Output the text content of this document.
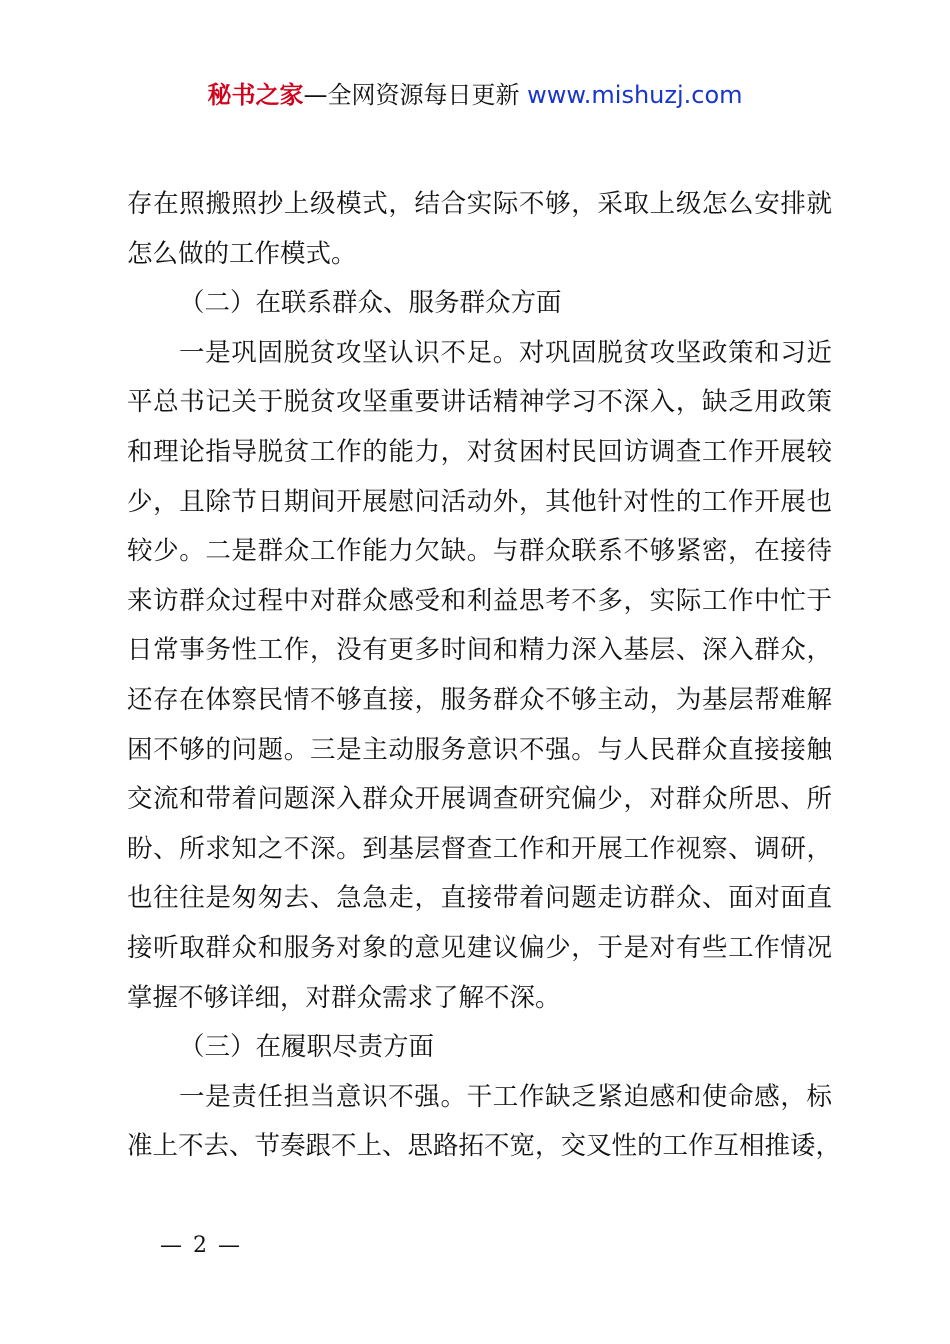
秘书之家—全网资源每日更新 www.mishuzj.com
存在照搬照抄上级模式，结合实际不够，采取上级怎么安排就
怎么做的工作模式。
（二）在联系群众、服务群众方面
一是巩固脱贫攻坚认识不足。对巩固脱贫攻坚政策和习近
平总书记关于脱贫攻坚重要讲话精神学习不深入，缺乏用政策
和理论指导脱贫工作的能力，对贫困村民回访调查工作开展较
少，且除节日期间开展慰问活动外，其他针对性的工作开展也
较少。二是群众工作能力欠缺。与群众联系不够紧密，在接待
来访群众过程中对群众感受和利益思考不多，实际工作中忙于
日常事务性工作，没有更多时间和精力深入基层、深入群众，
还存在体察民情不够直接，服务群众不够主动，为基层帮难解
困不够的问题。三是主动服务意识不强。与人民群众直接接触
交流和带着问题深入群众开展调查研究偏少，对群众所思、所
盼、所求知之不深。到基层督查工作和开展工作视察、调研，
也往往是匆匆去、急急走，直接带着问题走访群众、面对面直
接听取群众和服务对象的意见建议偏少，于是对有些工作情况
掌握不够详细，对群众需求了解不深。
（三）在履职尽责方面
一是责任担当意识不强。干工作缺乏紧迫感和使命感，标
准上不去、节奏跟不上、思路拓不宽，交叉性的工作互相推诿，
— 2 —
